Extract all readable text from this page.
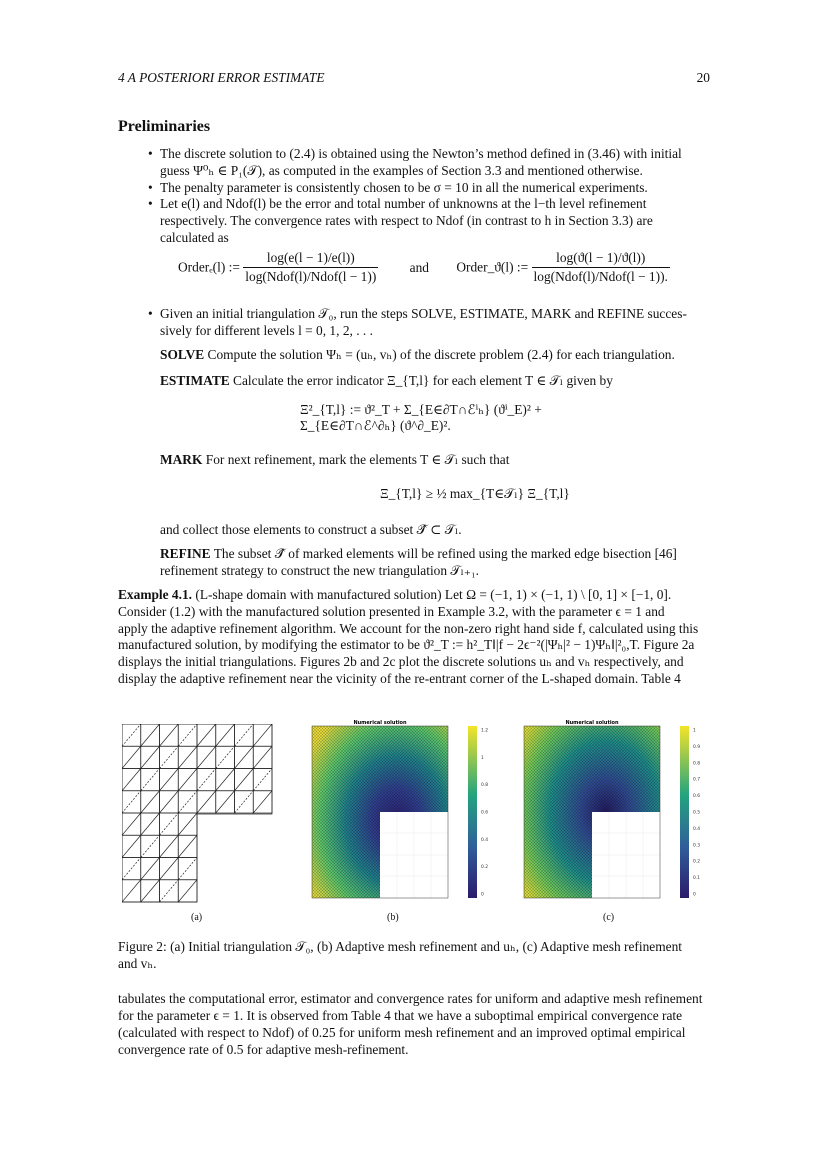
4 A POSTERIORI ERROR ESTIMATE	20
Preliminaries
• The discrete solution to (2.4) is obtained using the Newton’s method defined in (3.46) with initial
guess Ψ⁰ₕ ∈ P₁(𝒯), as computed in the examples of Section 3.3 and mentioned otherwise.
• The penalty parameter is consistently chosen to be σ = 10 in all the numerical experiments.
• Let e(l) and Ndof(l) be the error and total number of unknowns at the l−th level refinement
respectively. The convergence rates with respect to Ndof (in contrast to h in Section 3.3) are
calculated as
Orderₑ(l) := $\frac{\log(e(l - 1)/e(l))}{\text{log(Ndof(l)/Ndof(l − 1))}}$ and Order_ϑ(l) := $\frac{\log(ϑ(l - 1)/ϑ(l))}{\text{log(Ndof(l)/Ndof(l − 1)).}}$
• Given an initial triangulation 𝒯₀, run the steps SOLVE, ESTIMATE, MARK and REFINE succes-
sively for different levels l = 0, 1, 2, . . .
SOLVE Compute the solution Ψₕ = (uₕ, vₕ) of the discrete problem (2.4) for each triangulation.
ESTIMATE Calculate the error indicator Ξ_{T,l} for each element T ∈ 𝒯ₗ given by
Ξ²_{T,l} := ϑ²_T + Σ_{E∈∂T∩ℰⁱₕ} (ϑⁱ_E)² + Σ_{E∈∂T∩ℰ^∂ₕ} (ϑ^∂_E)².
MARK For next refinement, mark the elements T ∈ 𝒯ₗ such that
Ξ_{T,l} ≥ ½ max_{T∈𝒯ₗ} Ξ_{T,l}
and collect those elements to construct a subset 𝒯̂ ⊂ 𝒯ₗ.
REFINE The subset 𝒯̂ of marked elements will be refined using the marked edge bisection [46]
refinement strategy to construct the new triangulation 𝒯ₗ₊₁.
Example 4.1. (L-shape domain with manufactured solution) Let Ω = (−1, 1) × (−1, 1) \ [0, 1] × [−1, 0].
Consider (1.2) with the manufactured solution presented in Example 3.2, with the parameter ϵ = 1 and
apply the adaptive refinement algorithm. We account for the non-zero right hand side f, calculated using this
manufactured solution, by modifying the estimator to be ϑ²_T := h²_T‖|f − 2ϵ⁻²(|Ψₕ|² − 1)Ψₕ‖|²₀,T. Figure 2a
displays the initial triangulations. Figures 2b and 2c plot the discrete solutions uₕ and vₕ respectively, and
display the adaptive refinement near the vicinity of the re-entrant corner of the L-shaped domain. Table 4
(a)
Numerical solution
1.2
1
0.8
0.6
0.4
0.2
0
(b)
Numerical solution
1
0.9
0.8
0.7
0.6
0.5
0.4
0.3
0.2
0.1
0
(c)
Figure 2: (a) Initial triangulation 𝒯₀, (b) Adaptive mesh refinement and uₕ, (c) Adaptive mesh refinement
and vₕ.
tabulates the computational error, estimator and convergence rates for uniform and adaptive mesh refinement
for the parameter ϵ = 1. It is observed from Table 4 that we have a suboptimal empirical convergence rate
(calculated with respect to Ndof) of 0.25 for uniform mesh refinement and an improved optimal empirical
convergence rate of 0.5 for adaptive mesh-refinement.
